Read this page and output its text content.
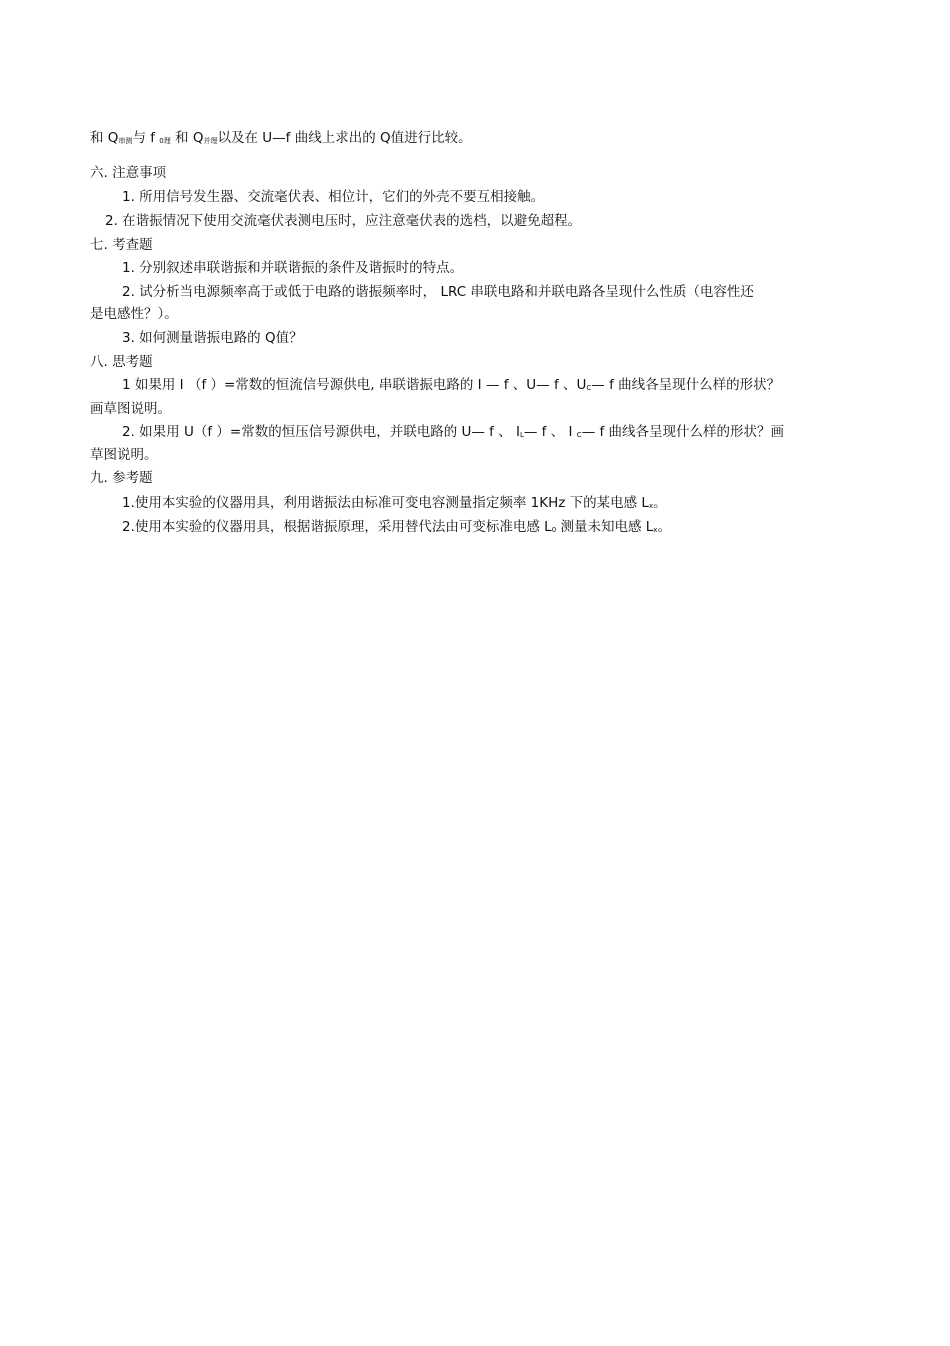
和 Q串测与 f 0理 和 Q并理以及在 U—f 曲线上求出的 Q值进行比较。
六. 注意事项
1. 所用信号发生器、交流毫伏表、相位计，它们的外壳不要互相接触。
2. 在谐振情况下使用交流毫伏表测电压时，应注意毫伏表的选档，以避免超程。
七. 考查题
1. 分别叙述串联谐振和并联谐振的条件及谐振时的特点。
2. 试分析当电源频率高于或低于电路的谐振频率时， LRC 串联电路和并联电路各呈现什么性质（电容性还
是电感性？）。
3. 如何测量谐振电路的 Q值？
八. 思考题
1 如果用 I （f ）=常数的恒流信号源供电, 串联谐振电路的 I — f 、U— f 、UC— f 曲线各呈现什么样的形状？
画草图说明。
2. 如果用 U（f ）=常数的恒压信号源供电，并联电路的 U— f 、 IL— f 、 I C— f 曲线各呈现什么样的形状？画
草图说明。
九. 参考题
1.使用本实验的仪器用具，利用谐振法由标准可变电容测量指定频率 1KHz 下的某电感 Lx。
2.使用本实验的仪器用具，根据谐振原理，采用替代法由可变标准电感 L0 测量未知电感 Lx。
